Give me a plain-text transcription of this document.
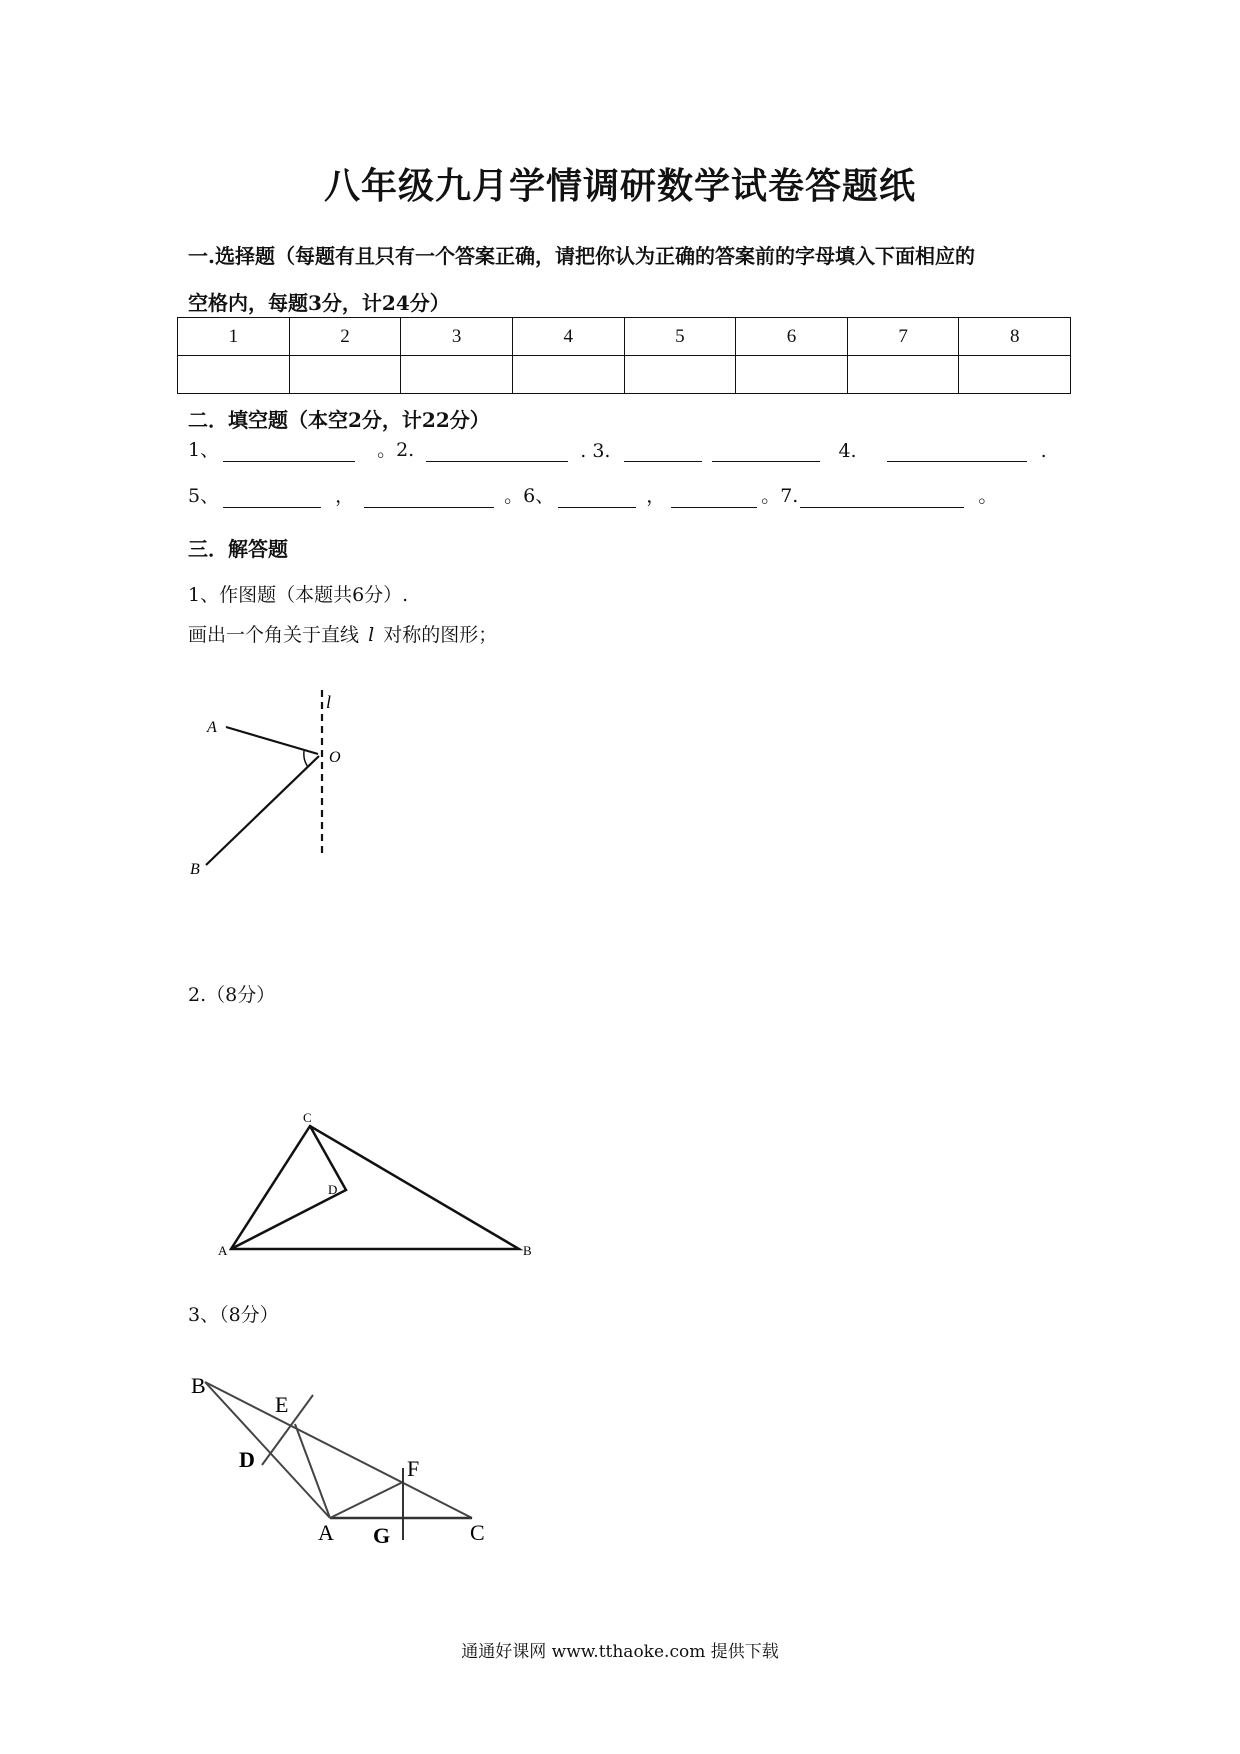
八年级九月学情调研数学试卷答题纸
一.选择题（每题有且只有一个答案正确，请把你认为正确的答案前的字母填入下面相应的
空格内，每题3分，计24分）
1	2	3	4	5	6	7	8

二．填空题（本空2分，计22分）
1、	。2.	. 3.	4.	.
5、	，	。6、	，	。7.	。
三．解答题
1、作图题（本题共6分）.
画出一个角关于直线 l 对称的图形；
A
B
O
l
2.（8分）
C
D
A	B
3、（8分）
B
E
D	F
A G	C
通通好课网 www.tthaoke.com 提供下载
